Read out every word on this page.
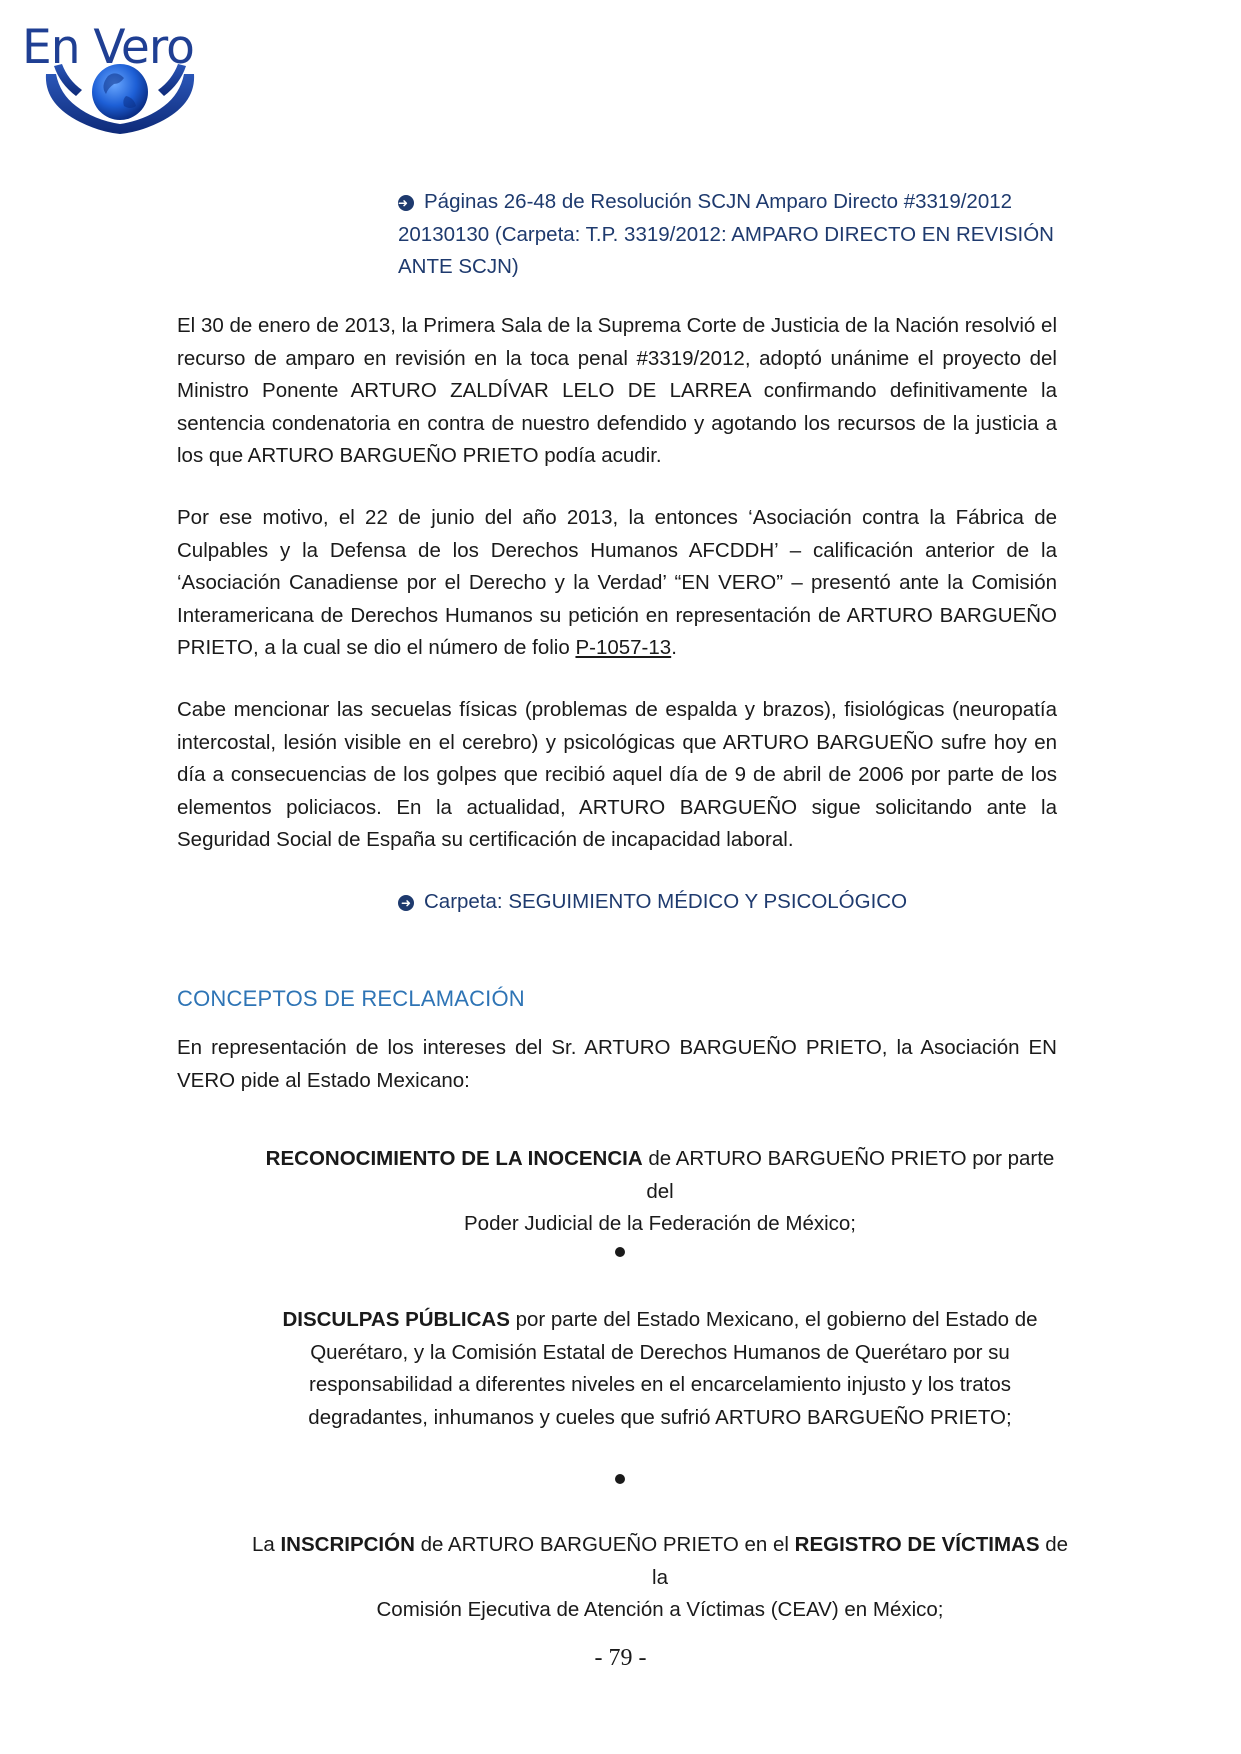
En Vero
➜ Páginas 26-48 de Resolución SCJN Amparo Directo #3319/2012
20130130 (Carpeta: T.P. 3319/2012: AMPARO DIRECTO EN REVISIÓN
ANTE SCJN)
El 30 de enero de 2013, la Primera Sala de la Suprema Corte de Justicia de la Nación resolvió el recurso de amparo en revisión en la toca penal #3319/2012, adoptó unánime el proyecto del Ministro Ponente ARTURO ZALDÍVAR LELO DE LARREA confirmando definitivamente la sentencia condenatoria en contra de nuestro defendido y agotando los recursos de la justicia a los que ARTURO BARGUEÑO PRIETO podía acudir.
Por ese motivo, el 22 de junio del año 2013, la entonces ‘Asociación contra la Fábrica de Culpables y la Defensa de los Derechos Humanos AFCDDH’ – calificación anterior de la ‘Asociación Canadiense por el Derecho y la Verdad’ “EN VERO” – presentó ante la Comisión Interamericana de Derechos Humanos su petición en representación de ARTURO BARGUEÑO PRIETO, a la cual se dio el número de folio P-1057-13.
Cabe mencionar las secuelas físicas (problemas de espalda y brazos), fisiológicas (neuropatía intercostal, lesión visible en el cerebro) y psicológicas que ARTURO BARGUEÑO sufre hoy en día a consecuencias de los golpes que recibió aquel día de 9 de abril de 2006 por parte de los elementos policiacos. En la actualidad, ARTURO BARGUEÑO sigue solicitando ante la Seguridad Social de España su certificación de incapacidad laboral.
➜ Carpeta: SEGUIMIENTO MÉDICO Y PSICOLÓGICO
CONCEPTOS DE RECLAMACIÓN
En representación de los intereses del Sr. ARTURO BARGUEÑO PRIETO, la Asociación EN VERO pide al Estado Mexicano:
RECONOCIMIENTO DE LA INOCENCIA de ARTURO BARGUEÑO PRIETO por parte del
Poder Judicial de la Federación de México;
DISCULPAS PÚBLICAS por parte del Estado Mexicano, el gobierno del Estado de
Querétaro, y la Comisión Estatal de Derechos Humanos de Querétaro por su
responsabilidad a diferentes niveles en el encarcelamiento injusto y los tratos
degradantes, inhumanos y cueles que sufrió ARTURO BARGUEÑO PRIETO;
La INSCRIPCIÓN de ARTURO BARGUEÑO PRIETO en el REGISTRO DE VÍCTIMAS de la
Comisión Ejecutiva de Atención a Víctimas (CEAV) en México;
- 79 -
